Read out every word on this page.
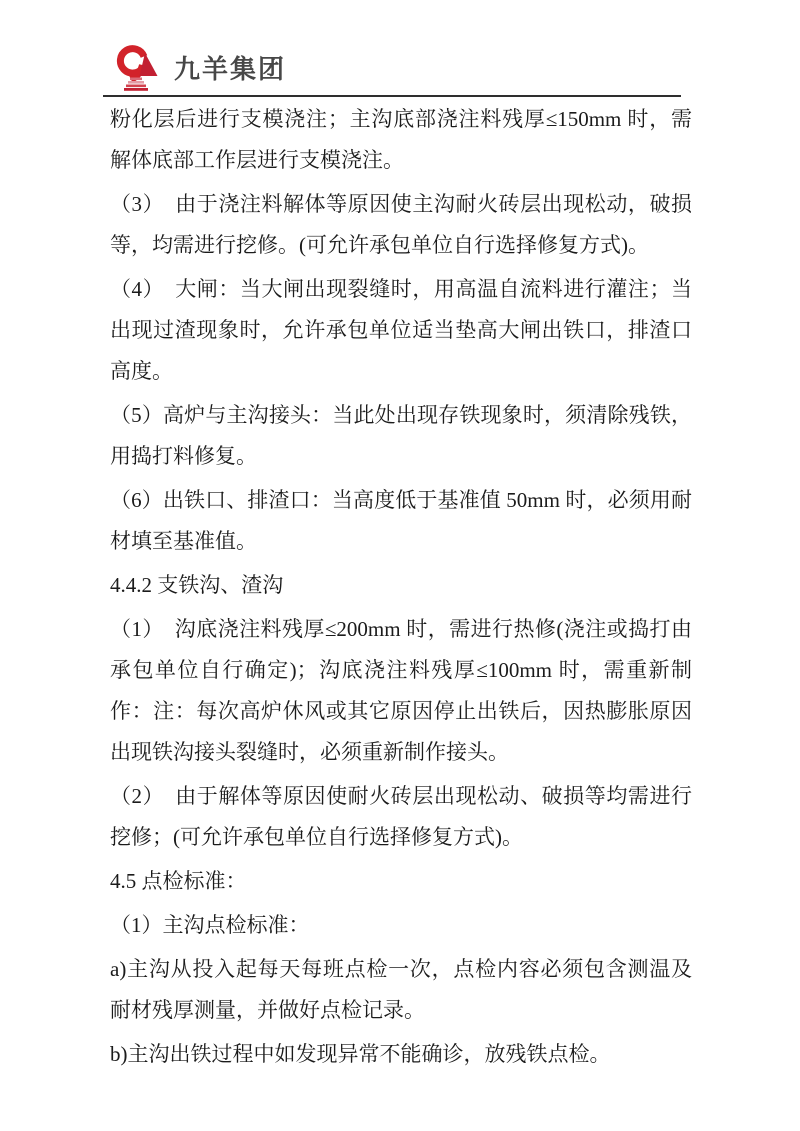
九羊集团

粉化层后进行支模浇注；主沟底部浇注料残厚≤150mm 时，需解体底部工作层进行支模浇注。

（3）　由于浇注料解体等原因使主沟耐火砖层出现松动，破损等，均需进行挖修。(可允许承包单位自行选择修复方式)。

（4）　大闸：当大闸出现裂缝时，用高温自流料进行灌注；当出现过渣现象时，允许承包单位适当垫高大闸出铁口，排渣口高度。

（5）高炉与主沟接头：当此处出现存铁现象时，须清除残铁，用捣打料修复。

（6）出铁口、排渣口：当高度低于基准值 50mm 时，必须用耐材填至基准值。

4.4.2 支铁沟、渣沟

（1）　沟底浇注料残厚≤200mm 时，需进行热修(浇注或捣打由承包单位自行确定)；沟底浇注料残厚≤100mm 时，需重新制作：注：每次高炉休风或其它原因停止出铁后，因热膨胀原因出现铁沟接头裂缝时，必须重新制作接头。

（2）　由于解体等原因使耐火砖层出现松动、破损等均需进行挖修；(可允许承包单位自行选择修复方式)。

4.5 点检标准：

（1）主沟点检标准：

a)主沟从投入起每天每班点检一次，点检内容必须包含测温及耐材残厚测量，并做好点检记录。

b)主沟出铁过程中如发现异常不能确诊，放残铁点检。
